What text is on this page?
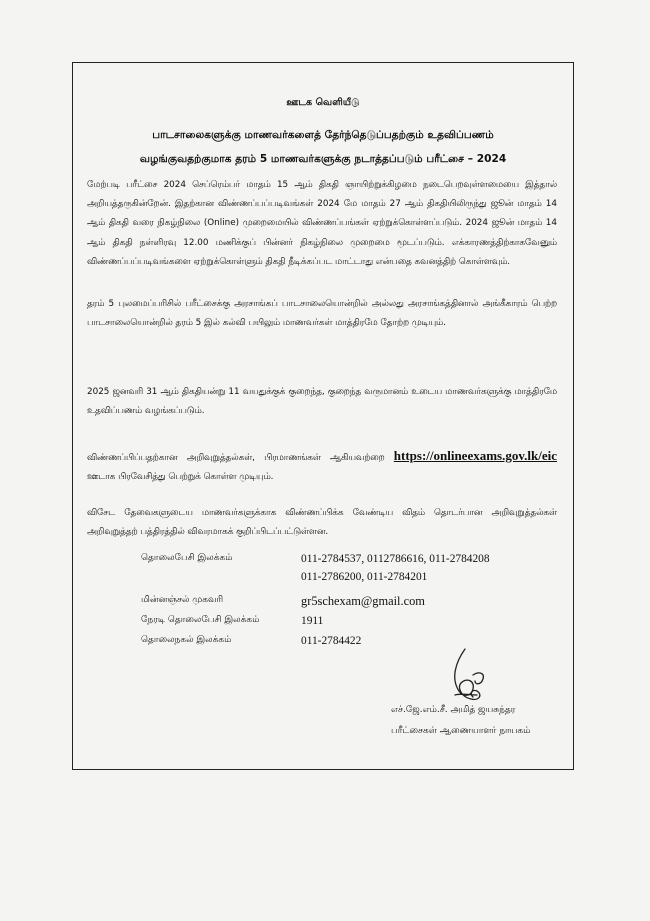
ஊடக வெளியீடு
பாடசாலைகளுக்கு மாணவர்களைத் தேர்ந்தெடுப்பதற்கும் உதவிப்பணம்
வழங்குவதற்குமாக தரம் 5 மாணவர்களுக்கு நடாத்தப்படும் பரீட்சை – 2024
மேற்படி பரீட்சை 2024 செப்ரெம்பர் மாதம் 15 ஆம் திகதி ஞாயிற்றுக்கிழமை நடைபெறவுள்ளமையை இத்தால் அறியத்தருகின்றேன். இதற்கான விண்ணப்பப்படிவங்கள் 2024 மே மாதம் 27 ஆம் திகதியிலிருந்து ஜூன் மாதம் 14 ஆம் திகதி வரை நிகழ்நிலை (Online) முறைமையில் விண்ணப்பங்கள் ஏற்றுக்கொள்ளப்படும். 2024 ஜூன் மாதம் 14 ஆம் திகதி நள்ளிரவு 12.00 மணிக்குப் பின்னர் நிகழ்நிலை முறைமை மூடப்படும். எக்காரணத்திற்காகவேனும் விண்ணப்பப்படிவங்களை ஏற்றுக்கொள்ளும் திகதி நீடிக்கப்பட மாட்டாது என்பதை கவனத்திற் கொள்ளவும்.
தரம் 5 புலமைப்பரிசில் பரீட்சைக்கு அரசாங்கப் பாடசாலையொன்றில் அல்லது அரசாங்கத்தினால் அங்கீகாரம் பெற்ற பாடசாலையொன்றில் தரம் 5 இல் கல்வி பயிலும் மாணவர்கள் மாத்திரமே தோற்ற முடியும்.
2025 ஜனவரி 31 ஆம் திகதியன்று 11 வயதுக்குக் குறைந்த, குறைந்த வருமானம் உடைய மாணவர்களுக்கு மாத்திரமே உதவிப்பணம் வழங்கப்படும்.
விண்ணப்பிப்பதற்கான அறிவுறுத்தல்கள், பிரமாணங்கள் ஆகியவற்றை https://onlineexams.gov.lk/eic ஊடாக பிரவேசித்து பெற்றுக் கொள்ள முடியும்.
விசேட தேவைகளுடைய மாணவர்களுக்காக விண்ணப்பிக்க வேண்டிய விதம் தொடர்பான அறிவுறுத்தல்கள் அறிவுறுத்தற் பத்திரத்தில் விவரமாகக் குறிப்பிடப்பட்டுள்ளன.
தொலைபேசி இலக்கம்	011-2784537, 0112786616, 011-2784208
011-2786200, 011-2784201
மின்னஞ்சல் முகவரி	gr5schexam@gmail.com
நேரடி தொலைபேசி இலக்கம்	1911
தொலைநகல் இலக்கம்	011-2784422
எச்.ஜே.எம்.சீ. அமித் ஜயசுந்தர
பரீட்சைகள் ஆணையாளர் நாயகம்
